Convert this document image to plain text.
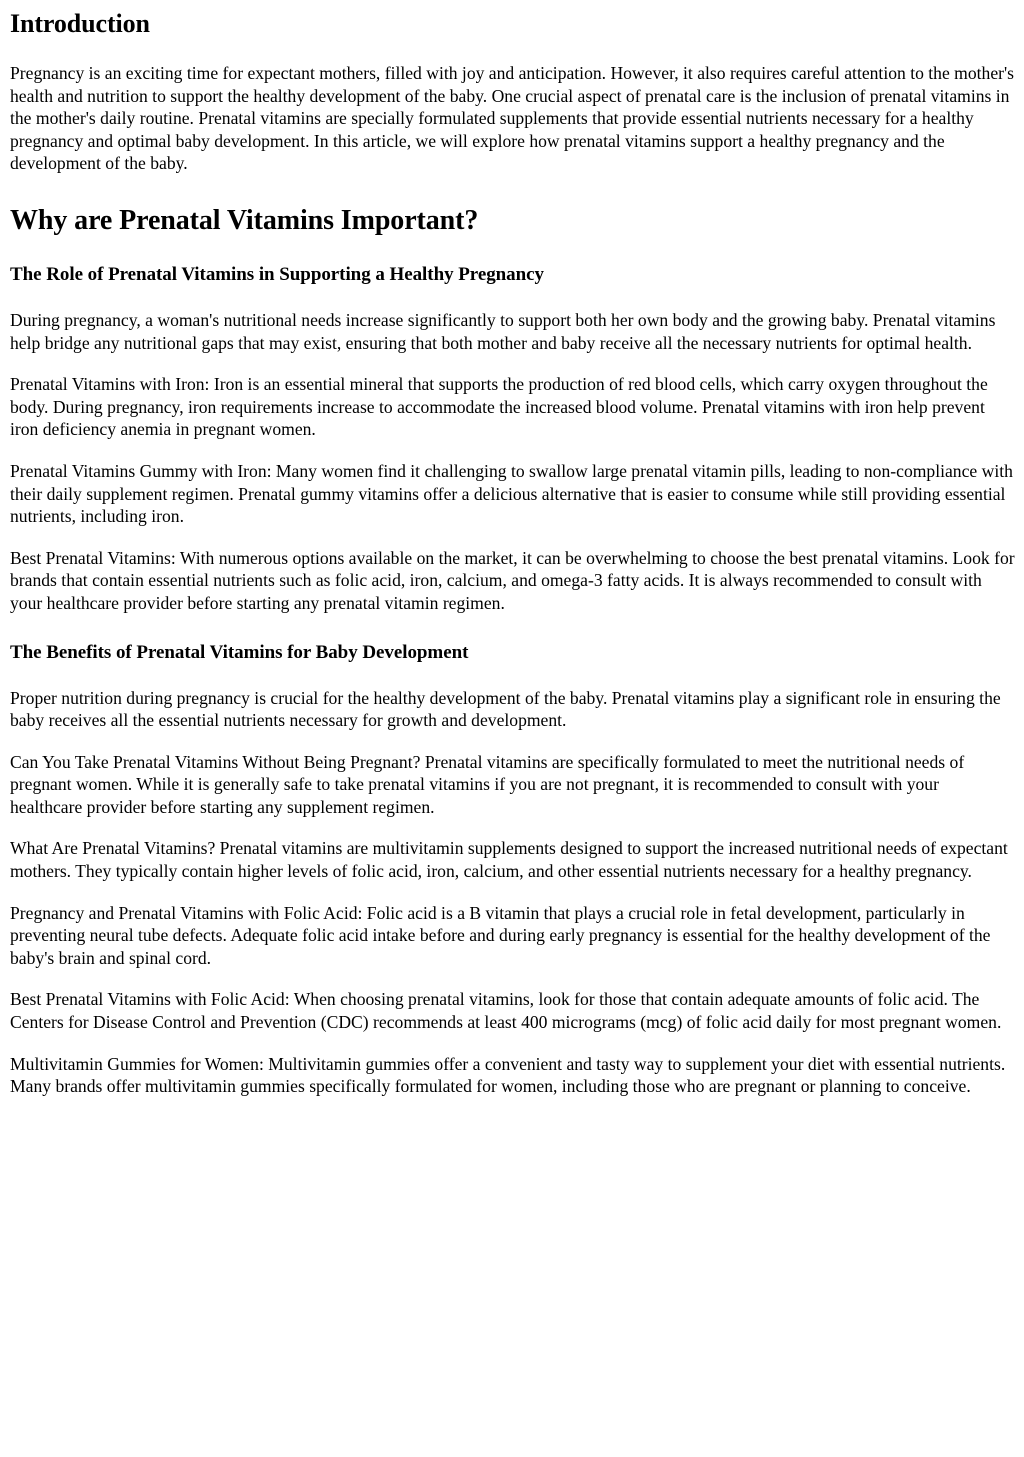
Introduction

Pregnancy is an exciting time for expectant mothers, filled with joy and anticipation. However, it also requires careful attention to the mother's health and nutrition to support the healthy development of the baby. One crucial aspect of prenatal care is the inclusion of prenatal vitamins in the mother's daily routine. Prenatal vitamins are specially formulated supplements that provide essential nutrients necessary for a healthy pregnancy and optimal baby development. In this article, we will explore how prenatal vitamins support a healthy pregnancy and the development of the baby.

Why are Prenatal Vitamins Important?
The Role of Prenatal Vitamins in Supporting a Healthy Pregnancy

During pregnancy, a woman's nutritional needs increase significantly to support both her own body and the growing baby. Prenatal vitamins help bridge any nutritional gaps that may exist, ensuring that both mother and baby receive all the necessary nutrients for optimal health.

Prenatal Vitamins with Iron: Iron is an essential mineral that supports the production of red blood cells, which carry oxygen throughout the body. During pregnancy, iron requirements increase to accommodate the increased blood volume. Prenatal vitamins with iron help prevent iron deficiency anemia in pregnant women.

Prenatal Vitamins Gummy with Iron: Many women find it challenging to swallow large prenatal vitamin pills, leading to non-compliance with their daily supplement regimen. Prenatal gummy vitamins offer a delicious alternative that is easier to consume while still providing essential nutrients, including iron.

Best Prenatal Vitamins: With numerous options available on the market, it can be overwhelming to choose the best prenatal vitamins. Look for brands that contain essential nutrients such as folic acid, iron, calcium, and omega-3 fatty acids. It is always recommended to consult with your healthcare provider before starting any prenatal vitamin regimen.

The Benefits of Prenatal Vitamins for Baby Development

Proper nutrition during pregnancy is crucial for the healthy development of the baby. Prenatal vitamins play a significant role in ensuring the baby receives all the essential nutrients necessary for growth and development.

Can You Take Prenatal Vitamins Without Being Pregnant? Prenatal vitamins are specifically formulated to meet the nutritional needs of pregnant women. While it is generally safe to take prenatal vitamins if you are not pregnant, it is recommended to consult with your healthcare provider before starting any supplement regimen.

What Are Prenatal Vitamins? Prenatal vitamins are multivitamin supplements designed to support the increased nutritional needs of expectant mothers. They typically contain higher levels of folic acid, iron, calcium, and other essential nutrients necessary for a healthy pregnancy.

Pregnancy and Prenatal Vitamins with Folic Acid: Folic acid is a B vitamin that plays a crucial role in fetal development, particularly in preventing neural tube defects. Adequate folic acid intake before and during early pregnancy is essential for the healthy development of the baby's brain and spinal cord.

Best Prenatal Vitamins with Folic Acid: When choosing prenatal vitamins, look for those that contain adequate amounts of folic acid. The Centers for Disease Control and Prevention (CDC) recommends at least 400 micrograms (mcg) of folic acid daily for most pregnant women.

Multivitamin Gummies for Women: Multivitamin gummies offer a convenient and tasty way to supplement your diet with essential nutrients. Many brands offer multivitamin gummies specifically formulated for women, including those who are pregnant or planning to conceive.
